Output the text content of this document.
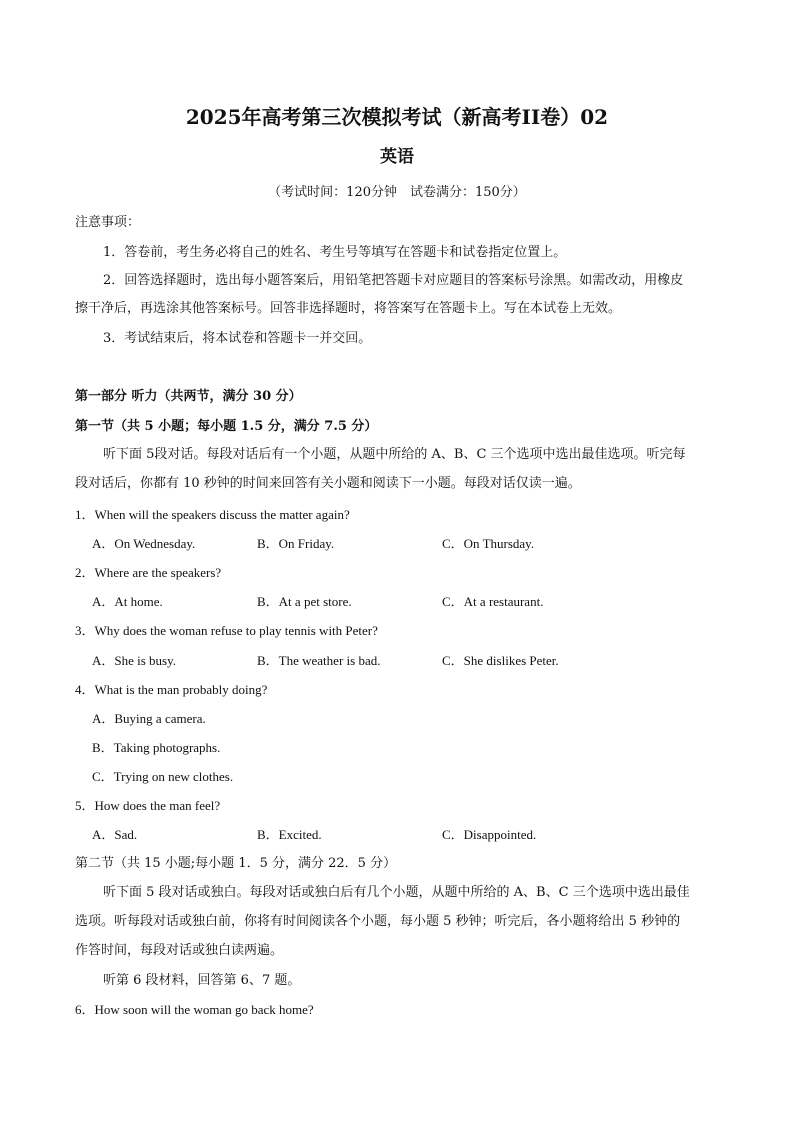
2025年高考第三次模拟考试（新高考II卷）02
英语
（考试时间：120分钟　试卷满分：150分）
注意事项：
1．答卷前，考生务必将自己的姓名、考生号等填写在答题卡和试卷指定位置上。
2．回答选择题时，选出每小题答案后，用铅笔把答题卡对应题目的答案标号涂黑。如需改动，用橡皮
擦干净后，再选涂其他答案标号。回答非选择题时，将答案写在答题卡上。写在本试卷上无效。
3．考试结束后，将本试卷和答题卡一并交回。
第一部分 听力（共两节，满分 30 分）
第一节（共 5 小题；每小题 1.5 分，满分 7.5 分）
听下面 5段对话。每段对话后有一个小题，从题中所给的 A、B、C 三个选项中选出最佳选项。听完每
段对话后，你都有 10 秒钟的时间来回答有关小题和阅读下一小题。每段对话仅读一遍。
1．When will the speakers discuss the matter again?
A．On Wednesday.	B．On Friday.	C．On Thursday.
2．Where are the speakers?
A．At home.	B．At a pet store.	C．At a restaurant.
3．Why does the woman refuse to play tennis with Peter?
A．She is busy.	B．The weather is bad.	C．She dislikes Peter.
4．What is the man probably doing?
A．Buying a camera.
B．Taking photographs.
C．Trying on new clothes.
5．How does the man feel?
A．Sad.	B．Excited.	C．Disappointed.
第二节（共 15 小题;每小题 1．5 分，满分 22．5 分）
听下面 5 段对话或独白。每段对话或独白后有几个小题，从题中所给的 A、B、C 三个选项中选出最佳
选项。听每段对话或独白前，你将有时间阅读各个小题，每小题 5 秒钟；听完后，各小题将给出 5 秒钟的
作答时间，每段对话或独白读两遍。
听第 6 段材料，回答第 6、7 题。
6．How soon will the woman go back home?
